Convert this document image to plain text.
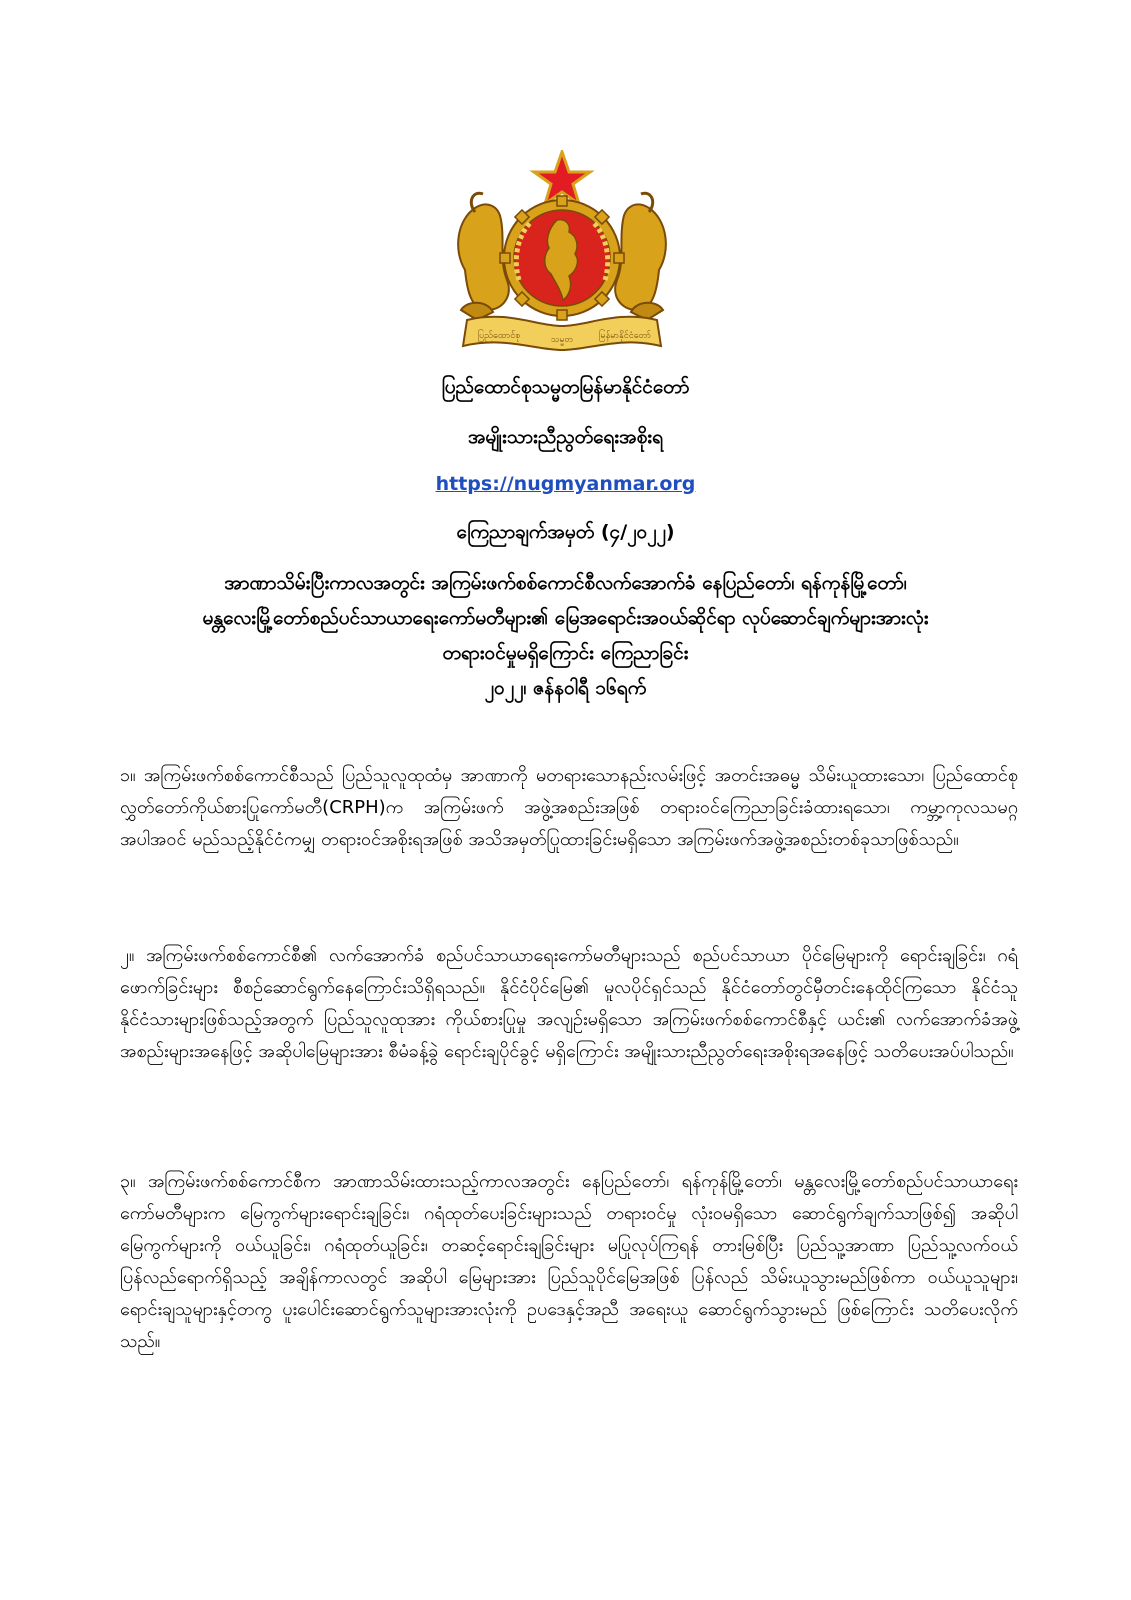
ပြည်ထောင်စု	သမ္မတ	မြန်မာနိုင်ငံတော်
ပြည်ထောင်စုသမ္မတမြန်မာနိုင်ငံတော်
အမျိုးသားညီညွတ်ရေးအစိုးရ
https://nugmyanmar.org
ကြေညာချက်အမှတ် (၄/၂၀၂၂)
အာဏာသိမ်းပြီးကာလအတွင်း အကြမ်းဖက်စစ်ကောင်စီလက်အောက်ခံ နေပြည်တော်၊ ရန်ကုန်မြို့တော်၊
မန္တလေးမြို့တော်စည်ပင်သာယာရေးကော်မတီများ၏ မြေအရောင်းအဝယ်ဆိုင်ရာ လုပ်ဆောင်ချက်များအားလုံး
တရားဝင်မှုမရှိကြောင်း ကြေညာခြင်း
၂၀၂၂၊ ဇန်နဝါရီ ၁၆ရက်
၁။ အကြမ်းဖက်စစ်ကောင်စီသည် ပြည်သူလူထုထံမှ အာဏာကို မတရားသောနည်းလမ်းဖြင့် အတင်းအဓမ္မ သိမ်းယူထားသော၊ ပြည်ထောင်စုလွှတ်တော်ကိုယ်စားပြုကော်မတီ(CRPH)က အကြမ်းဖက် အဖွဲ့အစည်းအဖြစ် တရားဝင်ကြေညာခြင်းခံထားရသော၊ ကမ္ဘာ့ကုလသမဂ္ဂအပါအဝင် မည်သည့်နိုင်ငံကမျှ တရားဝင်အစိုးရအဖြစ် အသိအမှတ်ပြုထားခြင်းမရှိသော အကြမ်းဖက်အဖွဲ့အစည်းတစ်ခုသာဖြစ်သည်။
၂။ အကြမ်းဖက်စစ်ကောင်စီ၏ လက်အောက်ခံ စည်ပင်သာယာရေးကော်မတီများသည် စည်ပင်သာယာ ပိုင်မြေများကို ရောင်းချခြင်း၊ ဂရံဖောက်ခြင်းများ စီစဉ်ဆောင်ရွက်နေကြောင်းသိရှိရသည်။ နိုင်ငံပိုင်မြေ၏ မူလပိုင်ရှင်သည် နိုင်ငံတော်တွင်မှီတင်းနေထိုင်ကြသော နိုင်ငံသူနိုင်ငံသားများဖြစ်သည့်အတွက် ပြည်သူလူထုအား ကိုယ်စားပြုမှု အလျဉ်းမရှိသော အကြမ်းဖက်စစ်ကောင်စီနှင့် ယင်း၏ လက်အောက်ခံအဖွဲ့အစည်းများအနေဖြင့် အဆိုပါမြေများအား စီမံခန့်ခွဲ ရောင်းချပိုင်ခွင့် မရှိကြောင်း အမျိုးသားညီညွတ်ရေးအစိုးရအနေဖြင့် သတိပေးအပ်ပါသည်။
၃။ အကြမ်းဖက်စစ်ကောင်စီက အာဏာသိမ်းထားသည့်ကာလအတွင်း နေပြည်တော်၊ ရန်ကုန်မြို့တော်၊ မန္တလေးမြို့တော်စည်ပင်သာယာရေးကော်မတီများက မြေကွက်များရောင်းချခြင်း၊ ဂရံထုတ်ပေးခြင်းများသည် တရားဝင်မှု လုံးဝမရှိသော ဆောင်ရွက်ချက်သာဖြစ်၍ အဆိုပါမြေကွက်များကို ဝယ်ယူခြင်း၊ ဂရံထုတ်ယူခြင်း၊ တဆင့်ရောင်းချခြင်းများ မပြုလုပ်ကြရန် တားမြစ်ပြီး ပြည်သူ့အာဏာ ပြည်သူ့လက်ဝယ်ပြန်လည်ရောက်ရှိသည့် အချိန်ကာလတွင် အဆိုပါ မြေများအား ပြည်သူပိုင်မြေအဖြစ် ပြန်လည် သိမ်းယူသွားမည်ဖြစ်ကာ ဝယ်ယူသူများ၊ ရောင်းချသူများနှင့်တကွ ပူးပေါင်းဆောင်ရွက်သူများအားလုံးကို ဥပဒေနှင့်အညီ အရေးယူ ဆောင်ရွက်သွားမည် ဖြစ်ကြောင်း သတိပေးလိုက်သည်။
